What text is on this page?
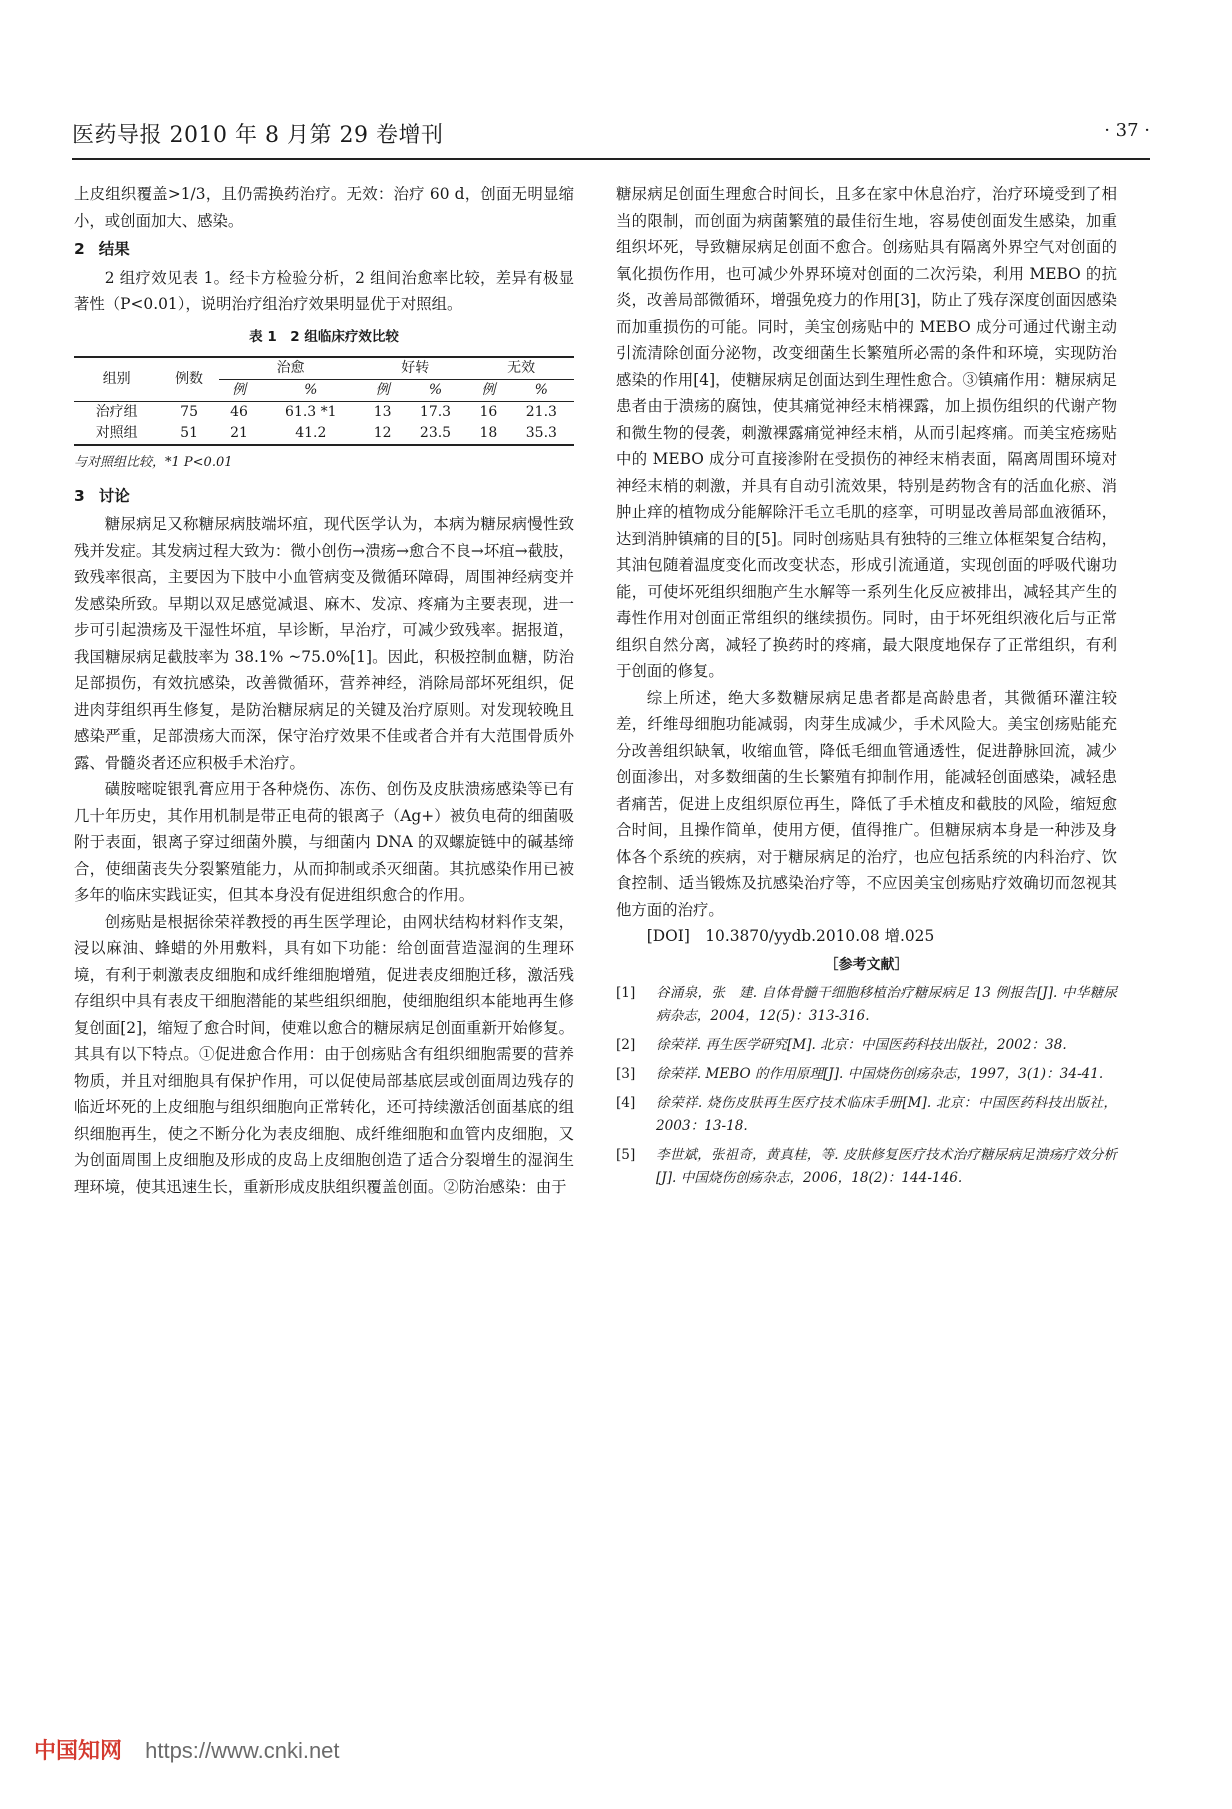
医药导报 2010 年 8 月第 29 卷增刊	· 37 ·

上皮组织覆盖>1/3，且仍需换药治疗。无效：治疗 60 d，创面无明显缩小，或创面加大、感染。

2 结果

2 组疗效见表 1。经卡方检验分析，2 组间治愈率比较，差异有极显著性（P<0.01），说明治疗组治疗效果明显优于对照组。

表 1　2 组临床疗效比较
组别	例数	治愈		好转		无效	
		例	%	例	%	例	%
治疗组	75	46	61.3 *1	13	17.3	16	21.3
对照组	51	21	41.2	12	23.5	18	35.3
与对照组比较，*1 P<0.01
3 讨论

糖尿病足又称糖尿病肢端坏疽，现代医学认为，本病为糖尿病慢性致残并发症。其发病过程大致为：微小创伤→溃疡→愈合不良→坏疽→截肢，致残率很高，主要因为下肢中小血管病变及微循环障碍，周围神经病变并发感染所致。早期以双足感觉减退、麻木、发凉、疼痛为主要表现，进一步可引起溃疡及干湿性坏疽，早诊断，早治疗，可减少致残率。据报道，我国糖尿病足截肢率为 38.1% ~75.0%[1]。因此，积极控制血糖，防治足部损伤，有效抗感染，改善微循环，营养神经，消除局部坏死组织，促进肉芽组织再生修复，是防治糖尿病足的关键及治疗原则。对发现较晚且感染严重，足部溃疡大而深，保守治疗效果不佳或者合并有大范围骨质外露、骨髓炎者还应积极手术治疗。

磺胺嘧啶银乳膏应用于各种烧伤、冻伤、创伤及皮肤溃疡感染等已有几十年历史，其作用机制是带正电荷的银离子（Ag+）被负电荷的细菌吸附于表面，银离子穿过细菌外膜，与细菌内 DNA 的双螺旋链中的碱基缔合，使细菌丧失分裂繁殖能力，从而抑制或杀灭细菌。其抗感染作用已被多年的临床实践证实，但其本身没有促进组织愈合的作用。

创疡贴是根据徐荣祥教授的再生医学理论，由网状结构材料作支架，浸以麻油、蜂蜡的外用敷料，具有如下功能：给创面营造湿润的生理环境，有利于刺激表皮细胞和成纤维细胞增殖，促进表皮细胞迁移，激活残存组织中具有表皮干细胞潜能的某些组织细胞，使细胞组织本能地再生修复创面[2]，缩短了愈合时间，使难以愈合的糖尿病足创面重新开始修复。其具有以下特点。①促进愈合作用：由于创疡贴含有组织细胞需要的营养物质，并且对细胞具有保护作用，可以促使局部基底层或创面周边残存的临近坏死的上皮细胞与组织细胞向正常转化，还可持续激活创面基底的组织细胞再生，使之不断分化为表皮细胞、成纤维细胞和血管内皮细胞，又为创面周围上皮细胞及形成的皮岛上皮细胞创造了适合分裂增生的湿润生理环境，使其迅速生长，重新形成皮肤组织覆盖创面。②防治感染：由于

糖尿病足创面生理愈合时间长，且多在家中休息治疗，治疗环境受到了相当的限制，而创面为病菌繁殖的最佳衍生地，容易使创面发生感染，加重组织坏死，导致糖尿病足创面不愈合。创疡贴具有隔离外界空气对创面的氧化损伤作用，也可减少外界环境对创面的二次污染，利用 MEBO 的抗炎，改善局部微循环，增强免疫力的作用[3]，防止了残存深度创面因感染而加重损伤的可能。同时，美宝创疡贴中的 MEBO 成分可通过代谢主动引流清除创面分泌物，改变细菌生长繁殖所必需的条件和环境，实现防治感染的作用[4]，使糖尿病足创面达到生理性愈合。③镇痛作用：糖尿病足患者由于溃疡的腐蚀，使其痛觉神经末梢裸露，加上损伤组织的代谢产物和微生物的侵袭，刺激裸露痛觉神经末梢，从而引起疼痛。而美宝疮疡贴中的 MEBO 成分可直接渗附在受损伤的神经末梢表面，隔离周围环境对神经末梢的刺激，并具有自动引流效果，特别是药物含有的活血化瘀、消肿止痒的植物成分能解除汗毛立毛肌的痉挛，可明显改善局部血液循环，达到消肿镇痛的目的[5]。同时创疡贴具有独特的三维立体框架复合结构，其油包随着温度变化而改变状态，形成引流通道，实现创面的呼吸代谢功能，可使坏死组织细胞产生水解等一系列生化反应被排出，减轻其产生的毒性作用对创面正常组织的继续损伤。同时，由于坏死组织液化后与正常组织自然分离，减轻了换药时的疼痛，最大限度地保存了正常组织，有利于创面的修复。

综上所述，绝大多数糖尿病足患者都是高龄患者，其微循环灌注较差，纤维母细胞功能减弱，肉芽生成减少，手术风险大。美宝创疡贴能充分改善组织缺氧，收缩血管，降低毛细血管通透性，促进静脉回流，减少创面渗出，对多数细菌的生长繁殖有抑制作用，能减轻创面感染，减轻患者痛苦，促进上皮组织原位再生，降低了手术植皮和截肢的风险，缩短愈合时间，且操作简单，使用方便，值得推广。但糖尿病本身是一种涉及身体各个系统的疾病，对于糖尿病足的治疗，也应包括系统的内科治疗、饮食控制、适当锻炼及抗感染治疗等，不应因美宝创疡贴疗效确切而忽视其他方面的治疗。

[DOI]　10.3870/yydb.2010.08 增.025

［参考文献］
[1]	谷涌泉，张　建. 自体骨髓干细胞移植治疗糖尿病足 13 例报告[J]. 中华糖尿病杂志，2004，12(5)：313-316.
[2]	徐荣祥. 再生医学研究[M]. 北京：中国医药科技出版社，2002：38.
[3]	徐荣祥. MEBO 的作用原理[J]. 中国烧伤创疡杂志，1997，3(1)：34-41.
[4]	徐荣祥. 烧伤皮肤再生医疗技术临床手册[M]. 北京：中国医药科技出版社，2003：13-18.
[5]	李世斌，张祖奇，黄真桂，等. 皮肤修复医疗技术治疗糖尿病足溃疡疗效分析[J]. 中国烧伤创疡杂志，2006，18(2)：144-146.
中国知网 https://www.cnki.net
